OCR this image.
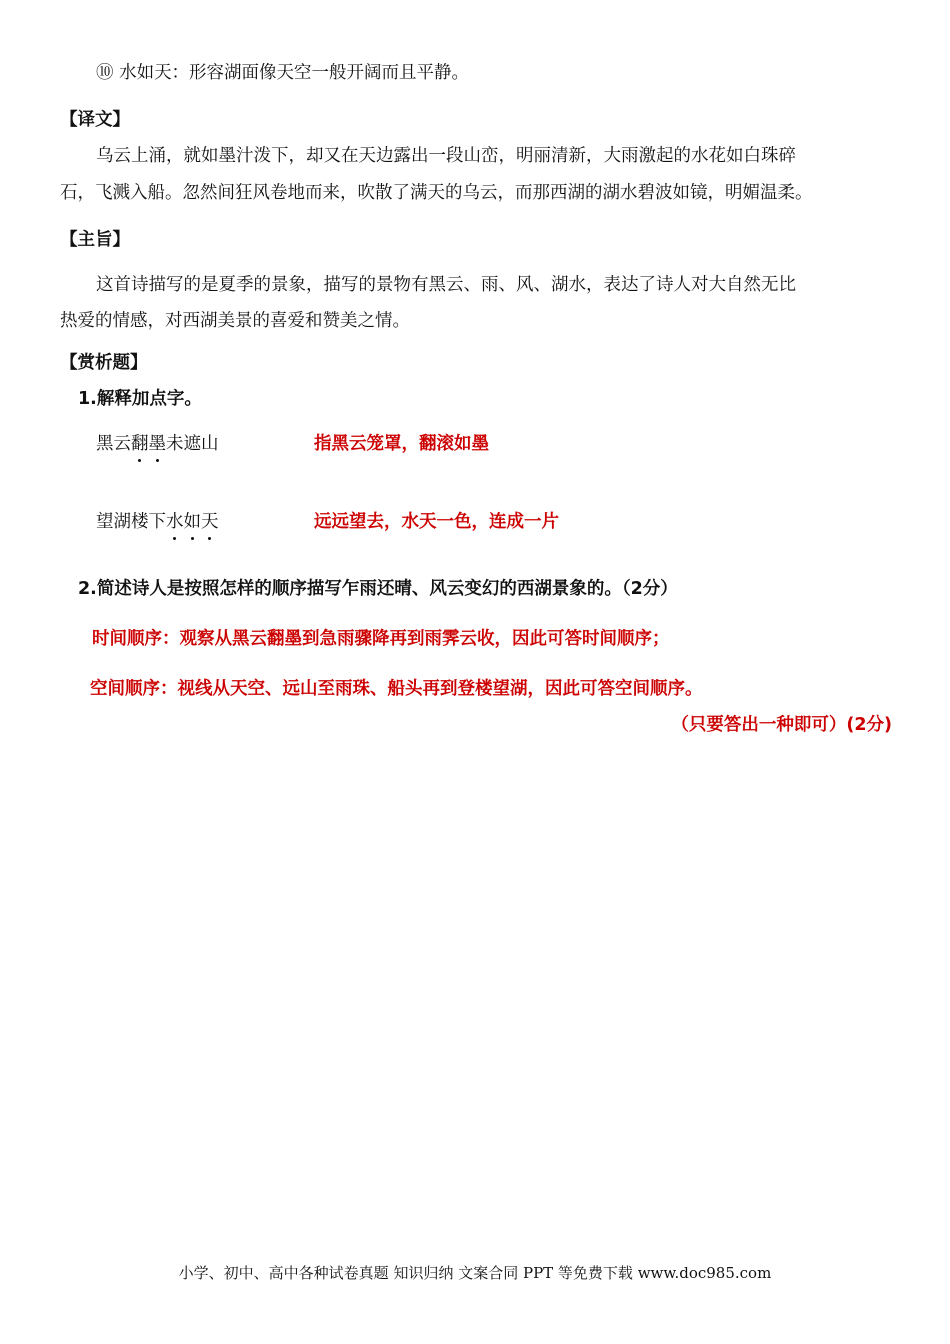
⑩ 水如天：形容湖面像天空一般开阔而且平静。
【译文】
乌云上涌，就如墨汁泼下，却又在天边露出一段山峦，明丽清新，大雨激起的水花如白珠碎
石，飞溅入船。忽然间狂风卷地而来，吹散了满天的乌云，而那西湖的湖水碧波如镜，明媚温柔。
【主旨】
这首诗描写的是夏季的景象，描写的景物有黑云、雨、风、湖水，表达了诗人对大自然无比
热爱的情感，对西湖美景的喜爱和赞美之情。
【赏析题】
1.解释加点字。
黑云翻墨未遮山	指黑云笼罩，翻滚如墨
望湖楼下水如天	远远望去，水天一色，连成一片
2.简述诗人是按照怎样的顺序描写乍雨还晴、风云变幻的西湖景象的。（2分）
时间顺序：观察从黑云翻墨到急雨骤降再到雨霁云收，因此可答时间顺序；
空间顺序：视线从天空、远山至雨珠、船头再到登楼望湖，因此可答空间顺序。
（只要答出一种即可）(2分)
小学、初中、高中各种试卷真题 知识归纳 文案合同 PPT 等免费下载 www.doc985.com
